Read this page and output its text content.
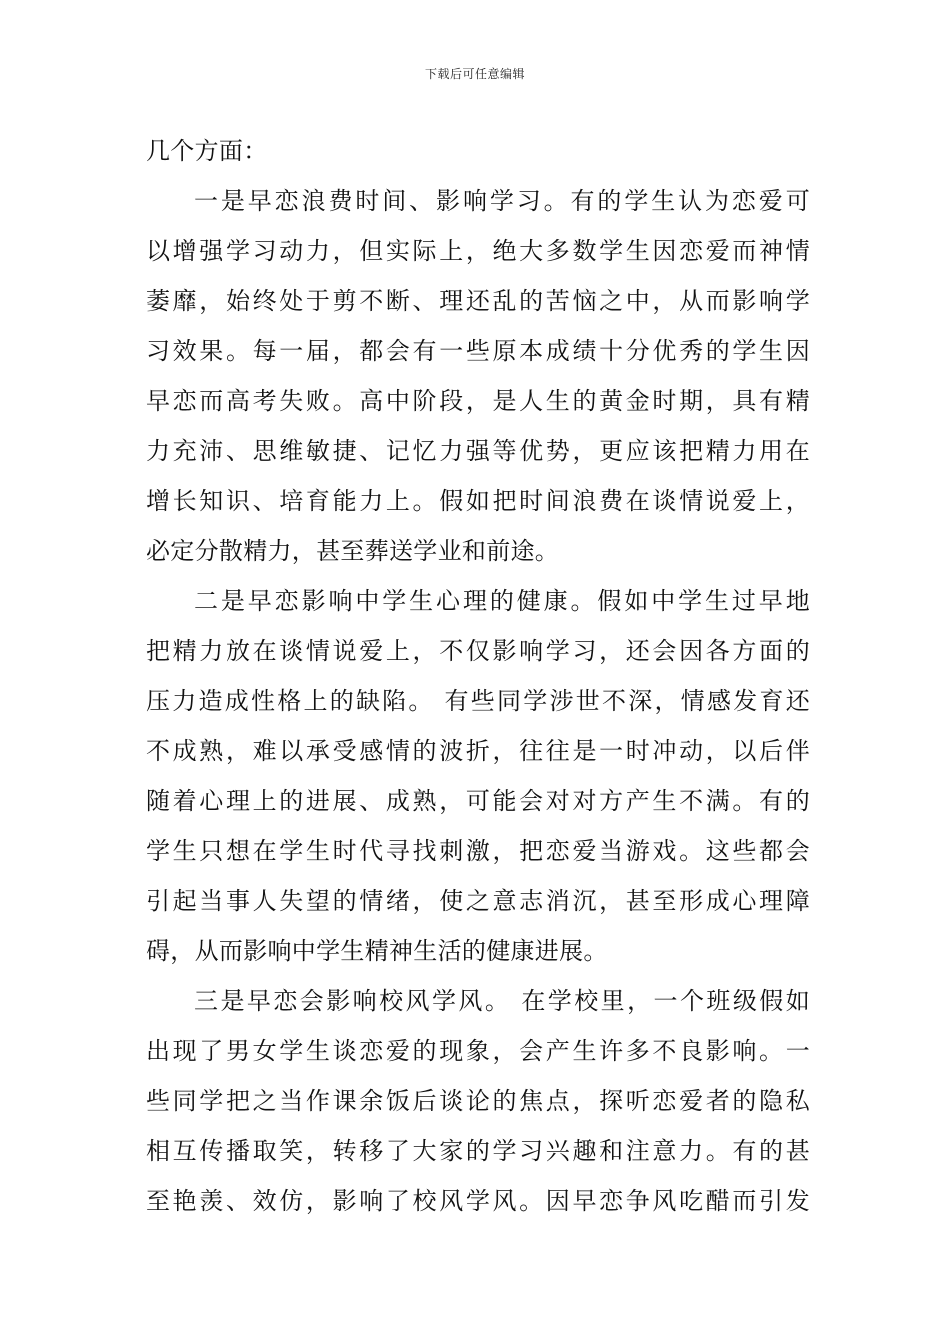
下载后可任意编辑
几个方面：
一是早恋浪费时间、影响学习。有的学生认为恋爱可
以增强学习动力，但实际上，绝大多数学生因恋爱而神情
萎靡，始终处于剪不断、理还乱的苦恼之中，从而影响学
习效果。每一届，都会有一些原本成绩十分优秀的学生因
早恋而高考失败。高中阶段，是人生的黄金时期，具有精
力充沛、思维敏捷、记忆力强等优势，更应该把精力用在
增长知识、培育能力上。假如把时间浪费在谈情说爱上，
必定分散精力，甚至葬送学业和前途。
二是早恋影响中学生心理的健康。假如中学生过早地
把精力放在谈情说爱上，不仅影响学习，还会因各方面的
压力造成性格上的缺陷。 有些同学涉世不深，情感发育还
不成熟，难以承受感情的波折，往往是一时冲动，以后伴
随着心理上的进展、成熟，可能会对对方产生不满。有的
学生只想在学生时代寻找刺激，把恋爱当游戏。这些都会
引起当事人失望的情绪，使之意志消沉，甚至形成心理障
碍，从而影响中学生精神生活的健康进展。
三是早恋会影响校风学风。 在学校里，一个班级假如
出现了男女学生谈恋爱的现象，会产生许多不良影响。一
些同学把之当作课余饭后谈论的焦点，探听恋爱者的隐私
相互传播取笑，转移了大家的学习兴趣和注意力。有的甚
至艳羡、效仿，影响了校风学风。因早恋争风吃醋而引发
